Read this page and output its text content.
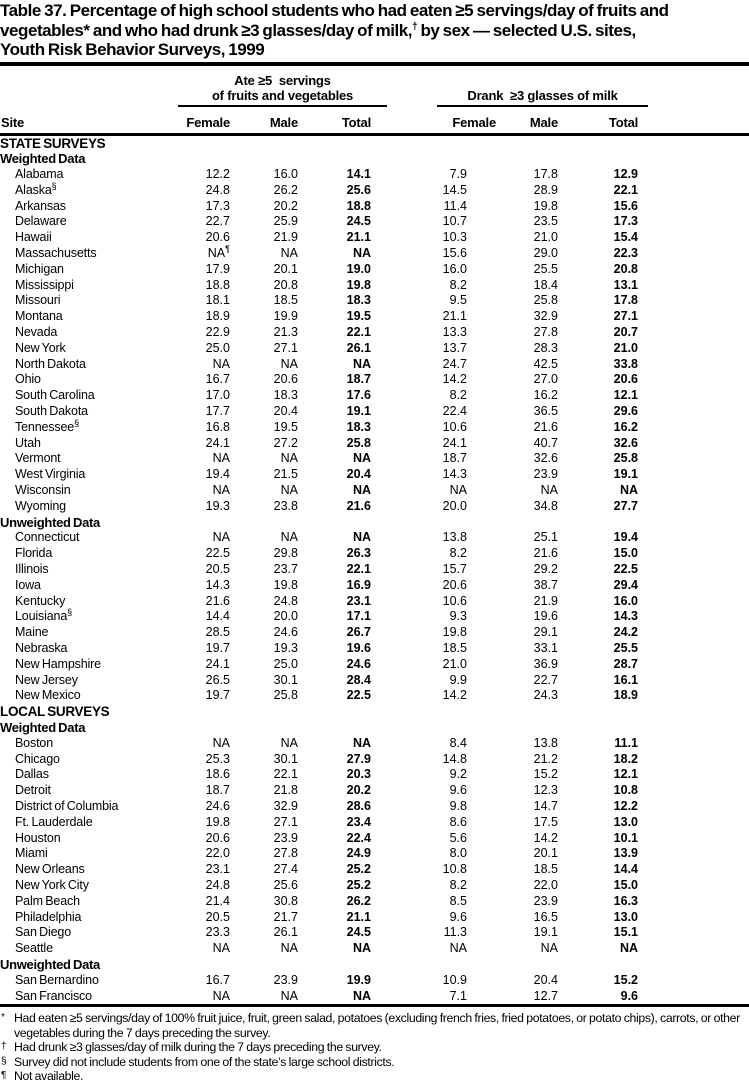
Table 37. Percentage of high school students who had eaten ≥5 servings/day of fruits and
vegetables* and who had drunk ≥3 glasses/day of milk,† by sex — selected U.S. sites,
Youth Risk Behavior Surveys, 1999

	Ate ≥5  servings
of fruits and vegetables			Drank  ≥3 glasses of milk			

Site	Female	Male	Total	Female	Male	Total	
STATE SURVEYS							
Weighted Data							
Alabama	12.2	16.0	14.1	7.9	17.8	12.9	
Alaska§	24.8	26.2	25.6	14.5	28.9	22.1	
Arkansas	17.3	20.2	18.8	11.4	19.8	15.6	
Delaware	22.7	25.9	24.5	10.7	23.5	17.3	
Hawaii	20.6	21.9	21.1	10.3	21.0	15.4	
Massachusetts	NA¶	NA	NA	15.6	29.0	22.3	
Michigan	17.9	20.1	19.0	16.0	25.5	20.8	
Mississippi	18.8	20.8	19.8	8.2	18.4	13.1	
Missouri	18.1	18.5	18.3	9.5	25.8	17.8	
Montana	18.9	19.9	19.5	21.1	32.9	27.1	
Nevada	22.9	21.3	22.1	13.3	27.8	20.7	
New York	25.0	27.1	26.1	13.7	28.3	21.0	
North Dakota	NA	NA	NA	24.7	42.5	33.8	
Ohio	16.7	20.6	18.7	14.2	27.0	20.6	
South Carolina	17.0	18.3	17.6	8.2	16.2	12.1	
South Dakota	17.7	20.4	19.1	22.4	36.5	29.6	
Tennessee§	16.8	19.5	18.3	10.6	21.6	16.2	
Utah	24.1	27.2	25.8	24.1	40.7	32.6	
Vermont	NA	NA	NA	18.7	32.6	25.8	
West Virginia	19.4	21.5	20.4	14.3	23.9	19.1	
Wisconsin	NA	NA	NA	NA	NA	NA	
Wyoming	19.3	23.8	21.6	20.0	34.8	27.7	
Unweighted Data							
Connecticut	NA	NA	NA	13.8	25.1	19.4	
Florida	22.5	29.8	26.3	8.2	21.6	15.0	
Illinois	20.5	23.7	22.1	15.7	29.2	22.5	
Iowa	14.3	19.8	16.9	20.6	38.7	29.4	
Kentucky	21.6	24.8	23.1	10.6	21.9	16.0	
Louisiana§	14.4	20.0	17.1	9.3	19.6	14.3	
Maine	28.5	24.6	26.7	19.8	29.1	24.2	
Nebraska	19.7	19.3	19.6	18.5	33.1	25.5	
New Hampshire	24.1	25.0	24.6	21.0	36.9	28.7	
New Jersey	26.5	30.1	28.4	9.9	22.7	16.1	
New Mexico	19.7	25.8	22.5	14.2	24.3	18.9	
LOCAL SURVEYS							
Weighted Data							
Boston	NA	NA	NA	8.4	13.8	11.1	
Chicago	25.3	30.1	27.9	14.8	21.2	18.2	
Dallas	18.6	22.1	20.3	9.2	15.2	12.1	
Detroit	18.7	21.8	20.2	9.6	12.3	10.8	
District of Columbia	24.6	32.9	28.6	9.8	14.7	12.2	
Ft. Lauderdale	19.8	27.1	23.4	8.6	17.5	13.0	
Houston	20.6	23.9	22.4	5.6	14.2	10.1	
Miami	22.0	27.8	24.9	8.0	20.1	13.9	
New Orleans	23.1	27.4	25.2	10.8	18.5	14.4	
New York City	24.8	25.6	25.2	8.2	22.0	15.0	
Palm Beach	21.4	30.8	26.2	8.5	23.9	16.3	
Philadelphia	20.5	21.7	21.1	9.6	16.5	13.0	
San Diego	23.3	26.1	24.5	11.3	19.1	15.1	
Seattle	NA	NA	NA	NA	NA	NA	
Unweighted Data							
San Bernardino	16.7	23.9	19.9	10.9	20.4	15.2	
San Francisco	NA	NA	NA	7.1	12.7	9.6	
* Had eaten ≥5 servings/day of 100% fruit juice, fruit, green salad, potatoes (excluding french fries, fried potatoes, or potato chips), carrots, or other vegetables during the 7 days preceding the survey.
† Had drunk ≥3 glasses/day of milk during the 7 days preceding the survey.
§ Survey did not include students from one of the state’s large school districts.
¶ Not available.
